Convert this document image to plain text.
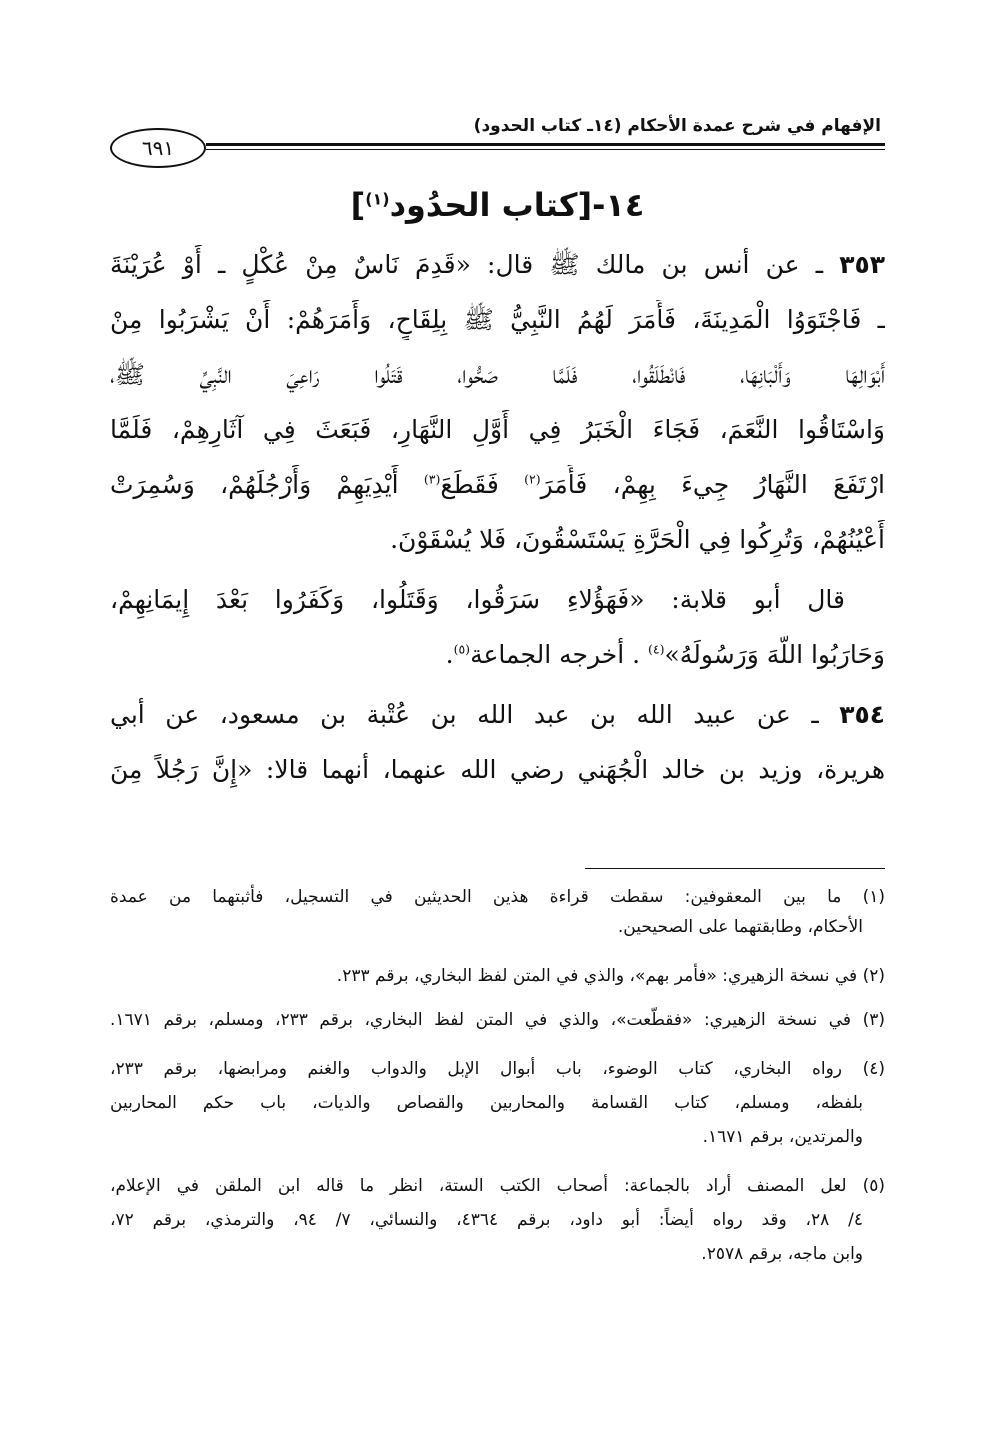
الإفهام في شرح عمدة الأحكام (١٤ـ كتاب الحدود)
٦٩١
١٤-[كتاب الحدُود$^{(١)}$]
٣٥٣ ـ عن أنس بن مالك ﷺ قال: «قَدِمَ نَاسٌ مِنْ عُكْلٍ ـ أَوْ عُرَيْنَةَ
ـ فَاجْتَوَوُا الْمَدِينَةَ، فَأَمَرَ لَهُمُ النَّبِيُّ ﷺ بِلِقَاحٍ، وَأَمَرَهُمْ: أَنْ يَشْرَبُوا مِنْ
أَبْوَالِهَا وَأَلْبَانِهَا، فَانْطَلَقُوا، فَلَمَّا صَحُّوا، قَتَلُوا رَاعِيَ النَّبِيِّ ﷺ،
وَاسْتَاقُوا النَّعَمَ، فَجَاءَ الْخَبَرُ فِي أَوَّلِ النَّهَارِ، فَبَعَثَ فِي آثَارِهِمْ، فَلَمَّا
ارْتَفَعَ النَّهَارُ جِيءَ بِهِمْ، فَأَمَرَ$^{(٢)}$ فَقَطَعَ$^{(٣)}$ أَيْدِيَهِمْ وَأَرْجُلَهُمْ، وَسُمِرَتْ
أَعْيُنُهُمْ، وَتُرِكُوا فِي الْحَرَّةِ يَسْتَسْقُونَ، فَلا يُسْقَوْنَ.
قال أبو قلابة: «فَهَؤُلاءِ سَرَقُوا، وَقَتَلُوا، وَكَفَرُوا بَعْدَ إِيمَانِهِمْ،
وَحَارَبُوا اللَّهَ وَرَسُولَهُ»$^{(٤)}$ . أخرجه الجماعة$^{(٥)}$.
٣٥٤ ـ عن عبيد الله بن عبد الله بن عُتْبة بن مسعود، عن أبي
هريرة، وزيد بن خالد الْجُهَني رضي الله عنهما، أنهما قالا: «إِنَّ رَجُلاً مِنَ
(١) ما بين المعقوفين: سقطت قراءة هذين الحديثين في التسجيل، فأثبتهما من عمدة
الأحكام، وطابقتهما على الصحيحين.
(٢) في نسخة الزهيري: «فأمر بهم»، والذي في المتن لفظ البخاري، برقم ٢٣٣.
(٣) في نسخة الزهيري: «فقطّعت»، والذي في المتن لفظ البخاري، برقم ٢٣٣، ومسلم، برقم ١٦٧١.
(٤) رواه البخاري، كتاب الوضوء، باب أبوال الإبل والدواب والغنم ومرابضها، برقم ٢٣٣،
بلفظه، ومسلم، كتاب القسامة والمحاربين والقصاص والديات، باب حكم المحاربين
والمرتدين، برقم ١٦٧١.
(٥) لعل المصنف أراد بالجماعة: أصحاب الكتب الستة، انظر ما قاله ابن الملقن في الإعلام،
٤/ ٢٨، وقد رواه أيضاً: أبو داود، برقم ٤٣٦٤، والنسائي، ٧/ ٩٤، والترمذي، برقم ٧٢،
وابن ماجه، برقم ٢٥٧٨.
